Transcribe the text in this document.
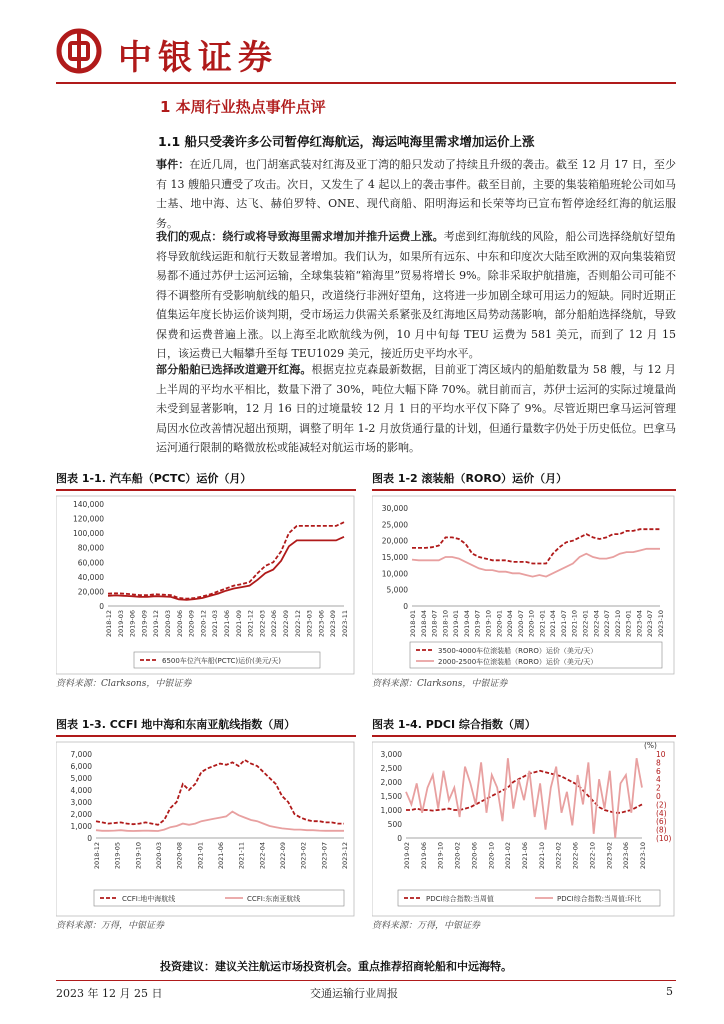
中银证券
1 本周行业热点事件点评
1.1 船只受袭许多公司暂停红海航运，海运吨海里需求增加运价上涨
事件：在近几周，也门胡塞武装对红海及亚丁湾的船只发动了持续且升级的袭击。截至 12 月 17 日，至少有 13 艘船只遭受了攻击。次日，又发生了 4 起以上的袭击事件。截至目前，主要的集装箱船班轮公司如马士基、地中海、达飞、赫伯罗特、ONE、现代商船、阳明海运和长荣等均已宣布暂停途经红海的航运服务。
我们的观点：绕行或将导致海里需求增加并推升运费上涨。考虑到红海航线的风险，船公司选择绕航好望角将导致航线运距和航行天数显著增加。我们认为，如果所有远东、中东和印度次大陆至欧洲的双向集装箱贸易都不通过苏伊士运河运输，全球集装箱“箱海里”贸易将增长 9%。除非采取护航措施，否则船公司可能不得不调整所有受影响航线的船只，改道绕行非洲好望角，这将进一步加剧全球可用运力的短缺。同时近期正值集运年度长协运价谈判期，受市场运力供需关系紧张及红海地区局势动荡影响，部分船舶选择绕航，导致保费和运费普遍上涨。以上海至北欧航线为例，10 月中旬每 TEU 运费为 581 美元，而到了 12 月 15 日，该运费已大幅攀升至每 TEU1029 美元，接近历史平均水平。
部分船舶已选择改道避开红海。根据克拉克森最新数据，目前亚丁湾区域内的船舶数量为 58 艘，与 12 月上半周的平均水平相比，数量下滑了 30%，吨位大幅下降 70%。就目前而言，苏伊士运河的实际过境量尚未受到显著影响，12 月 16 日的过境量较 12 月 1 日的平均水平仅下降了 9%。尽管近期巴拿马运河管理局因水位改善情况超出预期，调整了明年 1-2 月放货通行量的计划，但通行量数字仍处于历史低位。巴拿马运河通行限制的略微放松或能减轻对航运市场的影响。
图表 1-1. 汽车船（PCTC）运价（月）
0
20,000
40,000
60,000
80,000
100,000
120,000
140,000
2018-12 2019-03 2019-06 2019-09 2019-12 2020-03 2020-06 2020-09 2020-12 2021-03 2021-06 2021-09 2021-12 2022-03 2022-06 2022-09 2022-12 2023-03 2023-06 2023-09 2023-11
6500车位汽车船(PCTC)运价(美元/天)
资料来源：Clarksons，中银证券
图表 1-2 滚装船（RORO）运价（月）
0
5,000
10,000
15,000
20,000
25,000
30,000
2018-01 2018-04 2018-07 2018-10 2019-01 2019-04 2019-07 2019-10 2020-01 2020-04 2020-07 2020-10 2021-01 2021-04 2021-07 2021-10 2022-01 2022-04 2022-07 2022-10 2023-01 2023-04 2023-07 2023-10
3500-4000车位滚装船（RORO）运价（美元/天）
2000-2500车位滚装船（RORO）运价（美元/天）
资料来源：Clarksons，中银证券
图表 1-3. CCFI 地中海和东南亚航线指数（周）
0
1,000
2,000
3,000
4,000
5,000
6,000
7,000
2018-12 2019-05 2019-10 2020-03 2020-08 2021-01 2021-06 2021-11 2022-04 2022-09 2023-02 2023-07 2023-12
CCFI:地中海航线	CCFI:东南亚航线
资料来源：万得，中银证券
图表 1-4. PDCI 综合指数（周）
0
500
1,000
1,500
2,000
2,500
3,000
(%)
10
8
6
4
2
0
(2)
(4)
(6)
(8)
(10)
2019-02 2019-06 2019-10 2020-02 2020-06 2020-10 2021-02 2021-06 2021-10 2022-02 2022-06 2022-10 2023-02 2023-06 2023-10
PDCI综合指数:当周值	PDCI综合指数:当周值:环比
资料来源：万得，中银证券
投资建议：建议关注航运市场投资机会。重点推荐招商轮船和中远海特。
2023 年 12 月 25 日	交通运输行业周报	5
